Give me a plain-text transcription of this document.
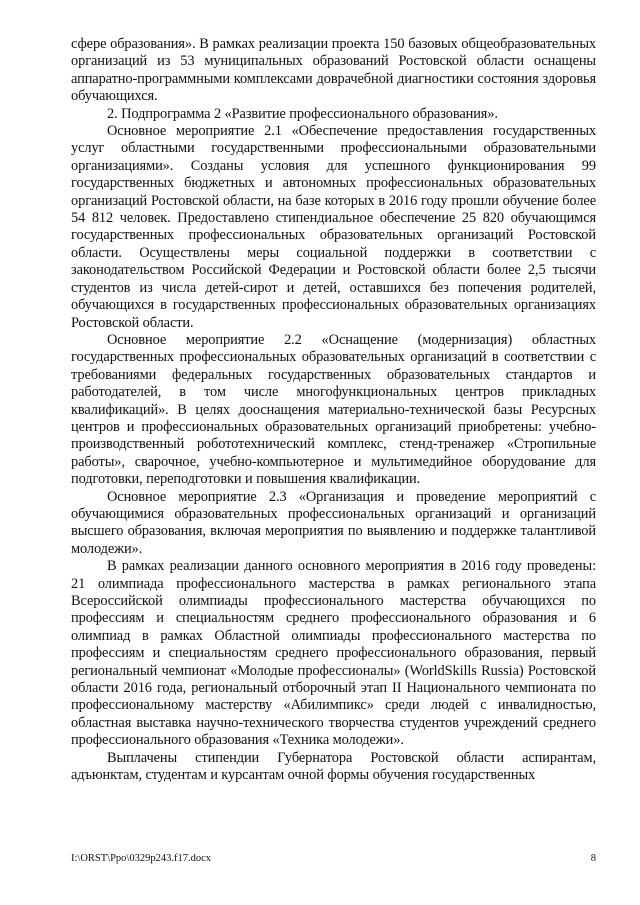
сфере образования». В рамках реализации проекта 150 базовых общеобразовательных организаций из 53 муниципальных образований Ростовской области оснащены аппаратно-программными комплексами доврачебной диагностики состояния здоровья обучающихся.

2. Подпрограмма 2 «Развитие профессионального образования».

Основное мероприятие 2.1 «Обеспечение предоставления государственных услуг областными государственными профессиональными образовательными организациями». Созданы условия для успешного функционирования 99 государственных бюджетных и автономных профессиональных образовательных организаций Ростовской области, на базе которых в 2016 году прошли обучение более 54 812 человек. Предоставлено стипендиальное обеспечение 25 820 обучающимся государственных профессиональных образовательных организаций Ростовской области. Осуществлены меры социальной поддержки в соответствии с законодательством Российской Федерации и Ростовской области более 2,5 тысячи студентов из числа детей-сирот и детей, оставшихся без попечения родителей, обучающихся в государственных профессиональных образовательных организациях Ростовской области.

Основное мероприятие 2.2 «Оснащение (модернизация) областных государственных профессиональных образовательных организаций в соответствии с требованиями федеральных государственных образовательных стандартов и работодателей, в том числе многофункциональных центров прикладных квалификаций». В целях дооснащения материально-технической базы Ресурсных центров и профессиональных образовательных организаций приобретены: учебно-производственный робототехнический комплекс, стенд-тренажер «Стропильные работы», сварочное, учебно-компьютерное и мультимедийное оборудование для подготовки, переподготовки и повышения квалификации.

Основное мероприятие 2.3 «Организация и проведение мероприятий с обучающимися образовательных профессиональных организаций и организаций высшего образования, включая мероприятия по выявлению и поддержке талантливой молодежи».

В рамках реализации данного основного мероприятия в 2016 году проведены: 21 олимпиада профессионального мастерства в рамках регионального этапа Всероссийской олимпиады профессионального мастерства обучающихся по профессиям и специальностям среднего профессионального образования и 6 олимпиад в рамках Областной олимпиады профессионального мастерства по профессиям и специальностям среднего профессионального образования, первый региональный чемпионат «Молодые профессионалы» (WorldSkills Russia) Ростовской области 2016 года, региональный отборочный этап II Национального чемпионата по профессиональному мастерству «Абилимпикс» среди людей с инвалидностью, областная выставка научно-технического творчества студентов учреждений среднего профессионального образования «Техника молодежи».

Выплачены стипендии Губернатора Ростовской области аспирантам, адъюнктам, студентам и курсантам очной формы обучения государственных

I:\ORST\Ppo\0329p243.f17.docx	8
